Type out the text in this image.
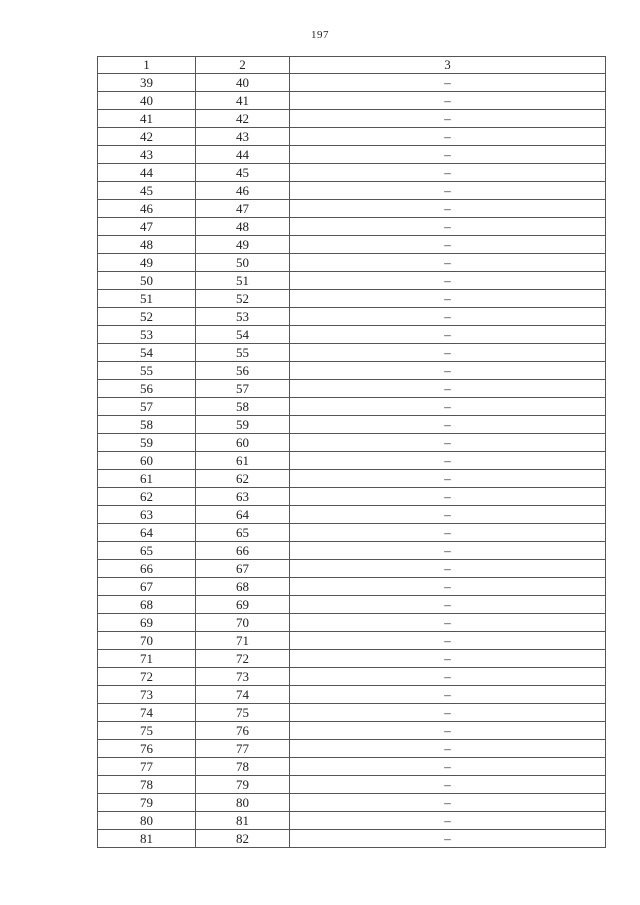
197
1	2	3
39	40	–
40	41	–
41	42	–
42	43	–
43	44	–
44	45	–
45	46	–
46	47	–
47	48	–
48	49	–
49	50	–
50	51	–
51	52	–
52	53	–
53	54	–
54	55	–
55	56	–
56	57	–
57	58	–
58	59	–
59	60	–
60	61	–
61	62	–
62	63	–
63	64	–
64	65	–
65	66	–
66	67	–
67	68	–
68	69	–
69	70	–
70	71	–
71	72	–
72	73	–
73	74	–
74	75	–
75	76	–
76	77	–
77	78	–
78	79	–
79	80	–
80	81	–
81	82	–
